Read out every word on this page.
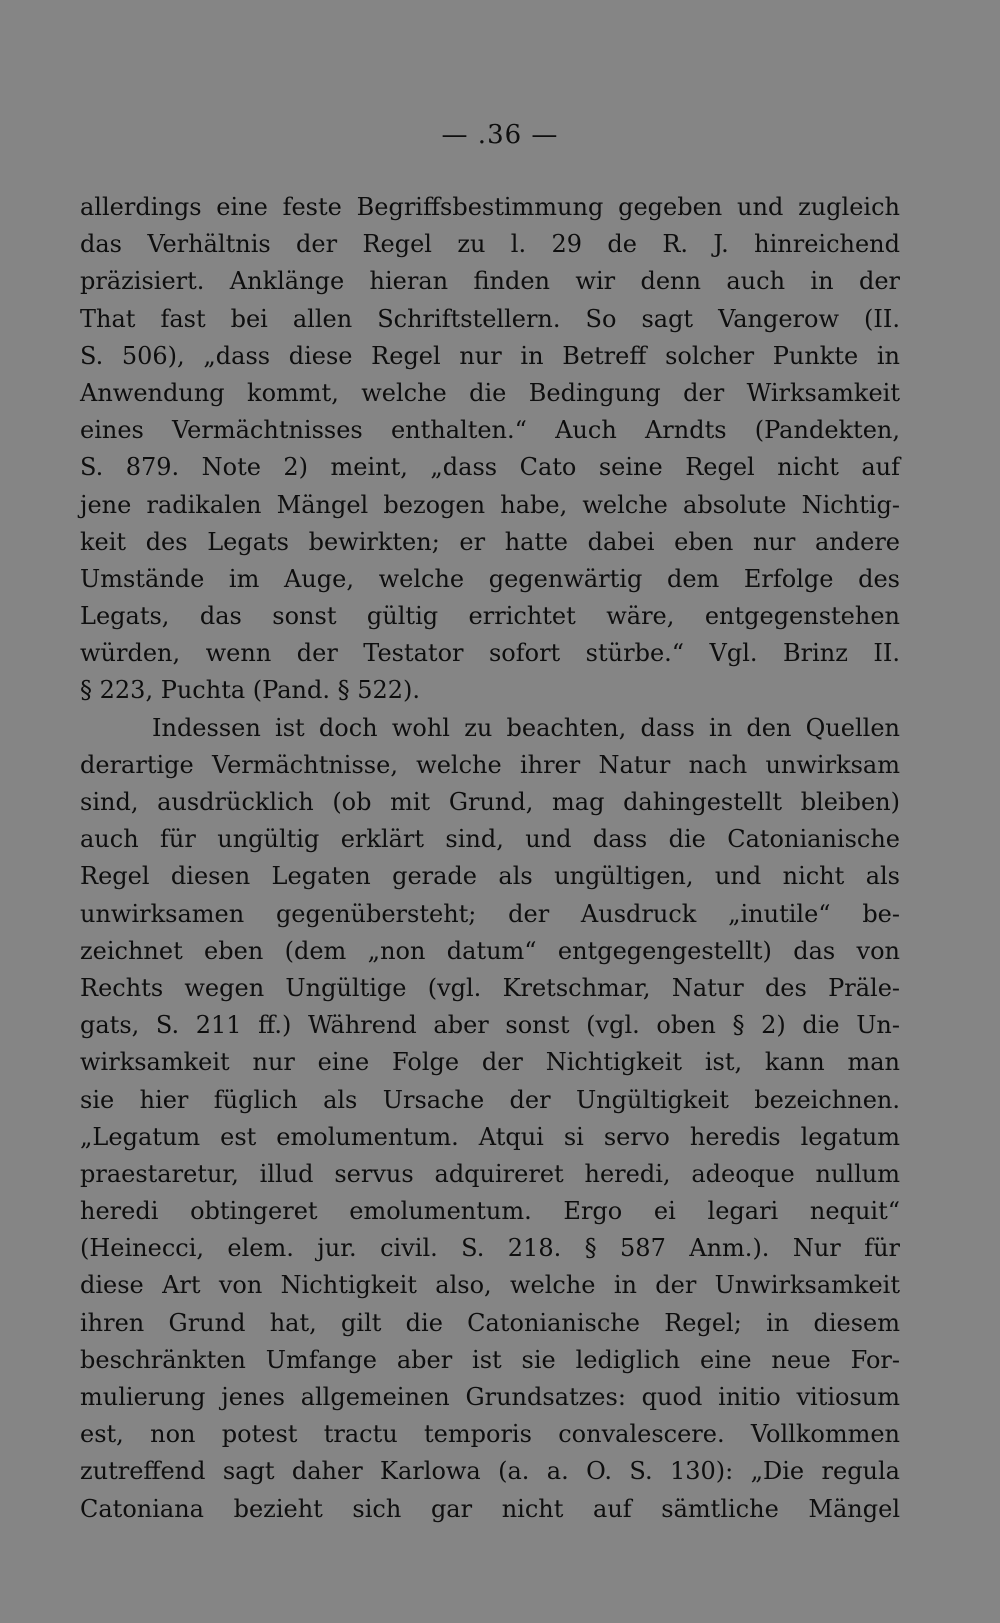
— .36 —
allerdings eine feste Begriffsbestimmung gegeben und zugleich
das Verhältnis der Regel zu l. 29 de R. J. hinreichend
präzisiert. Anklänge hieran finden wir denn auch in der
That fast bei allen Schriftstellern. So sagt Vangerow (II.
S. 506), „dass diese Regel nur in Betreff solcher Punkte in
Anwendung kommt, welche die Bedingung der Wirksamkeit
eines Vermächtnisses enthalten.“ Auch Arndts (Pandekten,
S. 879. Note 2) meint, „dass Cato seine Regel nicht auf
jene radikalen Mängel bezogen habe, welche absolute Nichtig-
keit des Legats bewirkten; er hatte dabei eben nur andere
Umstände im Auge, welche gegenwärtig dem Erfolge des
Legats, das sonst gültig errichtet wäre, entgegenstehen
würden, wenn der Testator sofort stürbe.“ Vgl. Brinz II.
§ 223, Puchta (Pand. § 522).
Indessen ist doch wohl zu beachten, dass in den Quellen
derartige Vermächtnisse, welche ihrer Natur nach unwirksam
sind, ausdrücklich (ob mit Grund, mag dahingestellt bleiben)
auch für ungültig erklärt sind, und dass die Catonianische
Regel diesen Legaten gerade als ungültigen, und nicht als
unwirksamen gegenübersteht; der Ausdruck „inutile“ be-
zeichnet eben (dem „non datum“ entgegengestellt) das von
Rechts wegen Ungültige (vgl. Kretschmar, Natur des Präle-
gats, S. 211 ff.) Während aber sonst (vgl. oben § 2) die Un-
wirksamkeit nur eine Folge der Nichtigkeit ist, kann man
sie hier füglich als Ursache der Ungültigkeit bezeichnen.
„Legatum est emolumentum. Atqui si servo heredis legatum
praestaretur, illud servus adquireret heredi, adeoque nullum
heredi obtingeret emolumentum. Ergo ei legari nequit“
(Heinecci, elem. jur. civil. S. 218. § 587 Anm.). Nur für
diese Art von Nichtigkeit also, welche in der Unwirksamkeit
ihren Grund hat, gilt die Catonianische Regel; in diesem
beschränkten Umfange aber ist sie lediglich eine neue For-
mulierung jenes allgemeinen Grundsatzes: quod initio vitiosum
est, non potest tractu temporis convalescere. Vollkommen
zutreffend sagt daher Karlowa (a. a. O. S. 130): „Die regula
Catoniana bezieht sich gar nicht auf sämtliche Mängel
